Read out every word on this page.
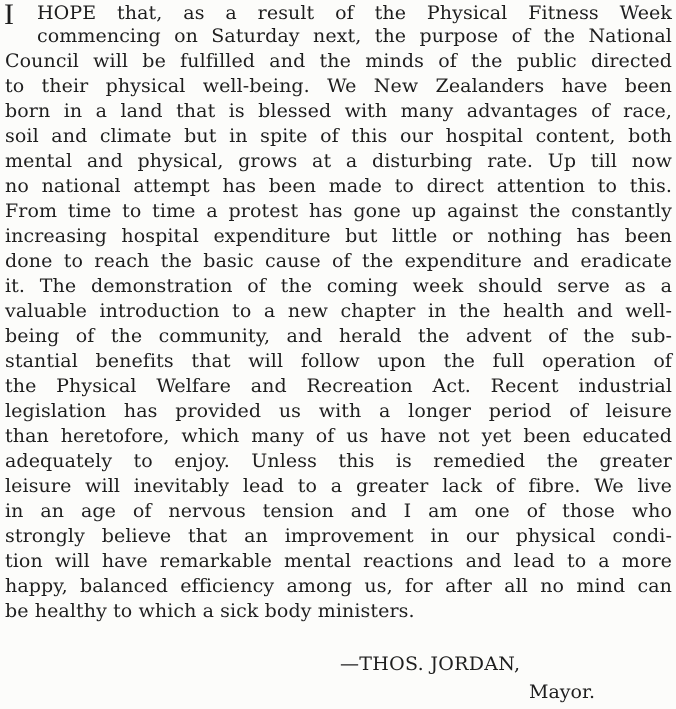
I HOPE that, as a result of the Physical Fitness Week
commencing on Saturday next, the purpose of the National
Council will be fulfilled and the minds of the public directed
to their physical well-being. We New Zealanders have been
born in a land that is blessed with many advantages of race,
soil and climate but in spite of this our hospital content, both
mental and physical, grows at a disturbing rate. Up till now
no national attempt has been made to direct attention to this.
From time to time a protest has gone up against the constantly
increasing hospital expenditure but little or nothing has been
done to reach the basic cause of the expenditure and eradicate
it. The demonstration of the coming week should serve as a
valuable introduction to a new chapter in the health and well-
being of the community, and herald the advent of the sub-
stantial benefits that will follow upon the full operation of
the Physical Welfare and Recreation Act. Recent industrial
legislation has provided us with a longer period of leisure
than heretofore, which many of us have not yet been educated
adequately to enjoy. Unless this is remedied the greater
leisure will inevitably lead to a greater lack of fibre. We live
in an age of nervous tension and I am one of those who
strongly believe that an improvement in our physical condi-
tion will have remarkable mental reactions and lead to a more
happy, balanced efficiency among us, for after all no mind can
be healthy to which a sick body ministers.
—THOS. JORDAN,
Mayor.
